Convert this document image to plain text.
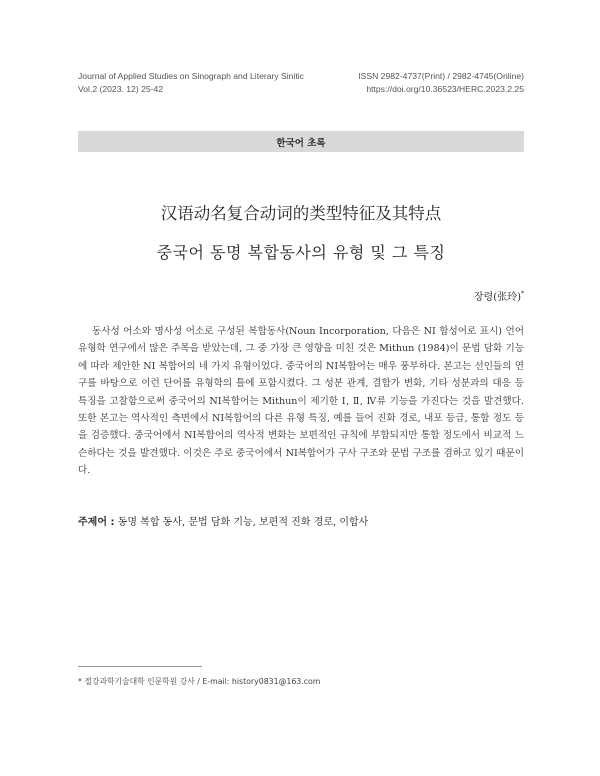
Journal of Applied Studies on Sinograph and Literary Sinitic	ISSN 2982-4737(Print) / 2982-4745(Online)
Vol.2 (2023. 12) 25-42	https://doi.org/10.36523/HERC.2023.2.25
한국어 초록
汉语动名复合动词的类型特征及其特点
중국어 동명 복합동사의 유형 및 그 특징
장령(张玲)*

동사성 어소와 명사성 어소로 구성된 복합동사(Noun Incorporation, 다음은 NI 합성어로 표시) 언어 유형학 연구에서 많은 주목을 받았는데, 그 중 가장 큰 영향을 미친 것은 Mithun (1984)이 문법 담화 기능에 따라 제안한 NI 복합어의 네 가지 유형이었다. 중국어의 NI복합어는 매우 풍부하다. 본고는 선인들의 연구를 바탕으로 이런 단어를 유형학의 틀에 포함시켰다. 그 성분 관계, 결합가 변화, 기타 성분과의 대응 등 특징을 고찰함으로써 중국어의 NI복합어는 Mithun이 제기한 Ⅰ, Ⅱ, Ⅳ류 기능을 가진다는 것을 발견했다. 또한 본고는 역사적인 측면에서 NI복합어의 다른 유형 특징, 예를 들어 진화 경로, 내포 등급, 통합 정도 등을 검증했다. 중국어에서 NI복합어의 역사적 변화는 보편적인 규칙에 부합되지만 통합 정도에서 비교적 느슨하다는 것을 발견했다. 이것은 주로 중국어에서 NI복합어가 구사 구조와 문법 구조를 겸하고 있기 때문이다.

주제어 : 동명 복합 동사, 문법 담화 기능, 보편적 진화 경로, 이합사
* 절강과학기술대학 인문학원 강사 / E-mail: history0831@163.com
